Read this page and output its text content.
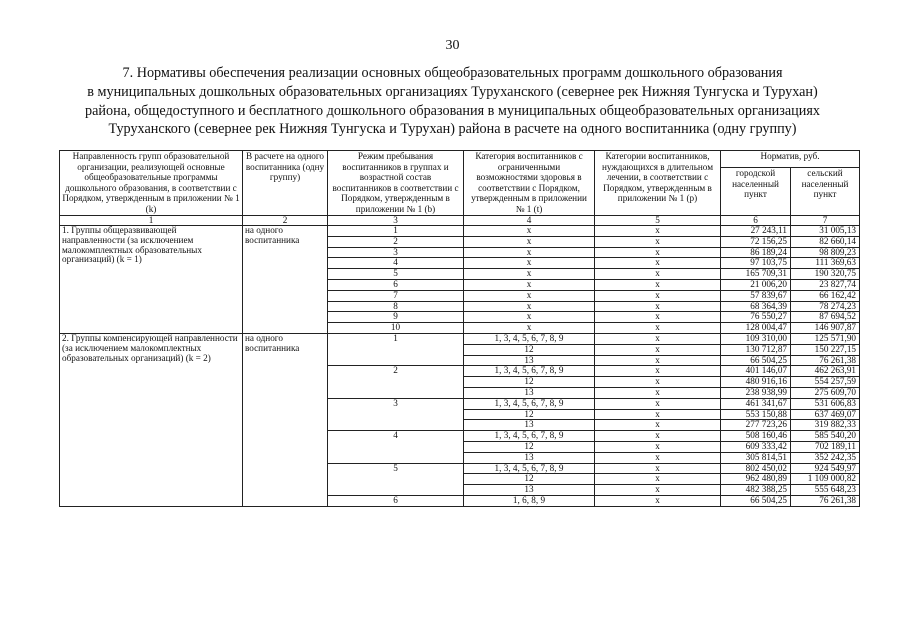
30
7. Нормативы обеспечения реализации основных общеобразовательных программ дошкольного образования
в муниципальных дошкольных образовательных организациях Туруханского (севернее рек Нижняя Тунгуска и Турухан)
района, общедоступного и бесплатного дошкольного образования в муниципальных общеобразовательных организациях
Туруханского (севернее рек Нижняя Тунгуска и Турухан) района в расчете на одного воспитанника (одну группу)
Направленность групп образовательной организации, реализующей основные общеобразовательные программы дошкольного образования, в соответствии с Порядком, утвержденным в приложении № 1 (k)	В расчете на одного воспитанника (одну группу)	Режим пребывания воспитанников в группах и возрастной состав воспитанников в соответствии с Порядком, утвержденным в приложении № 1 (b)	Категория воспитанников с ограниченными возможностями здоровья в соответствии с Порядком, утвержденным в приложении № 1 (t)	Категории воспитанников, нуждающихся в длительном лечении, в соответствии с Порядком, утвержденным в приложении № 1 (p)	Норматив, руб.	
					городской населенный пункт	сельский населенный пункт
1	2	3	4	5	6	7
1. Группы общеразвивающей направленности (за исключением малокомплектных образовательных организаций) (k = 1)	на одного воспитанника	1	x	x	27 243,11	31 005,13
		2	x	x	72 156,25	82 660,14
		3	x	x	86 189,24	98 809,23
		4	x	x	97 103,75	111 369,63
		5	x	x	165 709,31	190 320,75
		6	x	x	21 006,20	23 827,74
		7	x	x	57 839,67	66 162,42
		8	x	x	68 364,39	78 274,23
		9	x	x	76 550,27	87 694,52
		10	x	x	128 004,47	146 907,87
2. Группы компенсирующей направленности (за исключением малокомплектных образовательных организаций) (k = 2)	на одного воспитанника	1	1, 3, 4, 5, 6, 7, 8, 9	x	109 310,00	125 571,90
			12	x	130 712,87	150 227,15
			13	x	66 504,25	76 261,38
		2	1, 3, 4, 5, 6, 7, 8, 9	x	401 146,07	462 263,91
			12	x	480 916,16	554 257,59
			13	x	238 938,99	275 609,70
		3	1, 3, 4, 5, 6, 7, 8, 9	x	461 341,67	531 606,83
			12	x	553 150,88	637 469,07
			13	x	277 723,26	319 882,33
		4	1, 3, 4, 5, 6, 7, 8, 9	x	508 160,46	585 540,20
			12	x	609 333,42	702 189,11
			13	x	305 814,51	352 242,35
		5	1, 3, 4, 5, 6, 7, 8, 9	x	802 450,02	924 549,97
			12	x	962 480,89	1 109 000,82
			13	x	482 388,25	555 648,23
		6	1, 6, 8, 9	x	66 504,25	76 261,38
